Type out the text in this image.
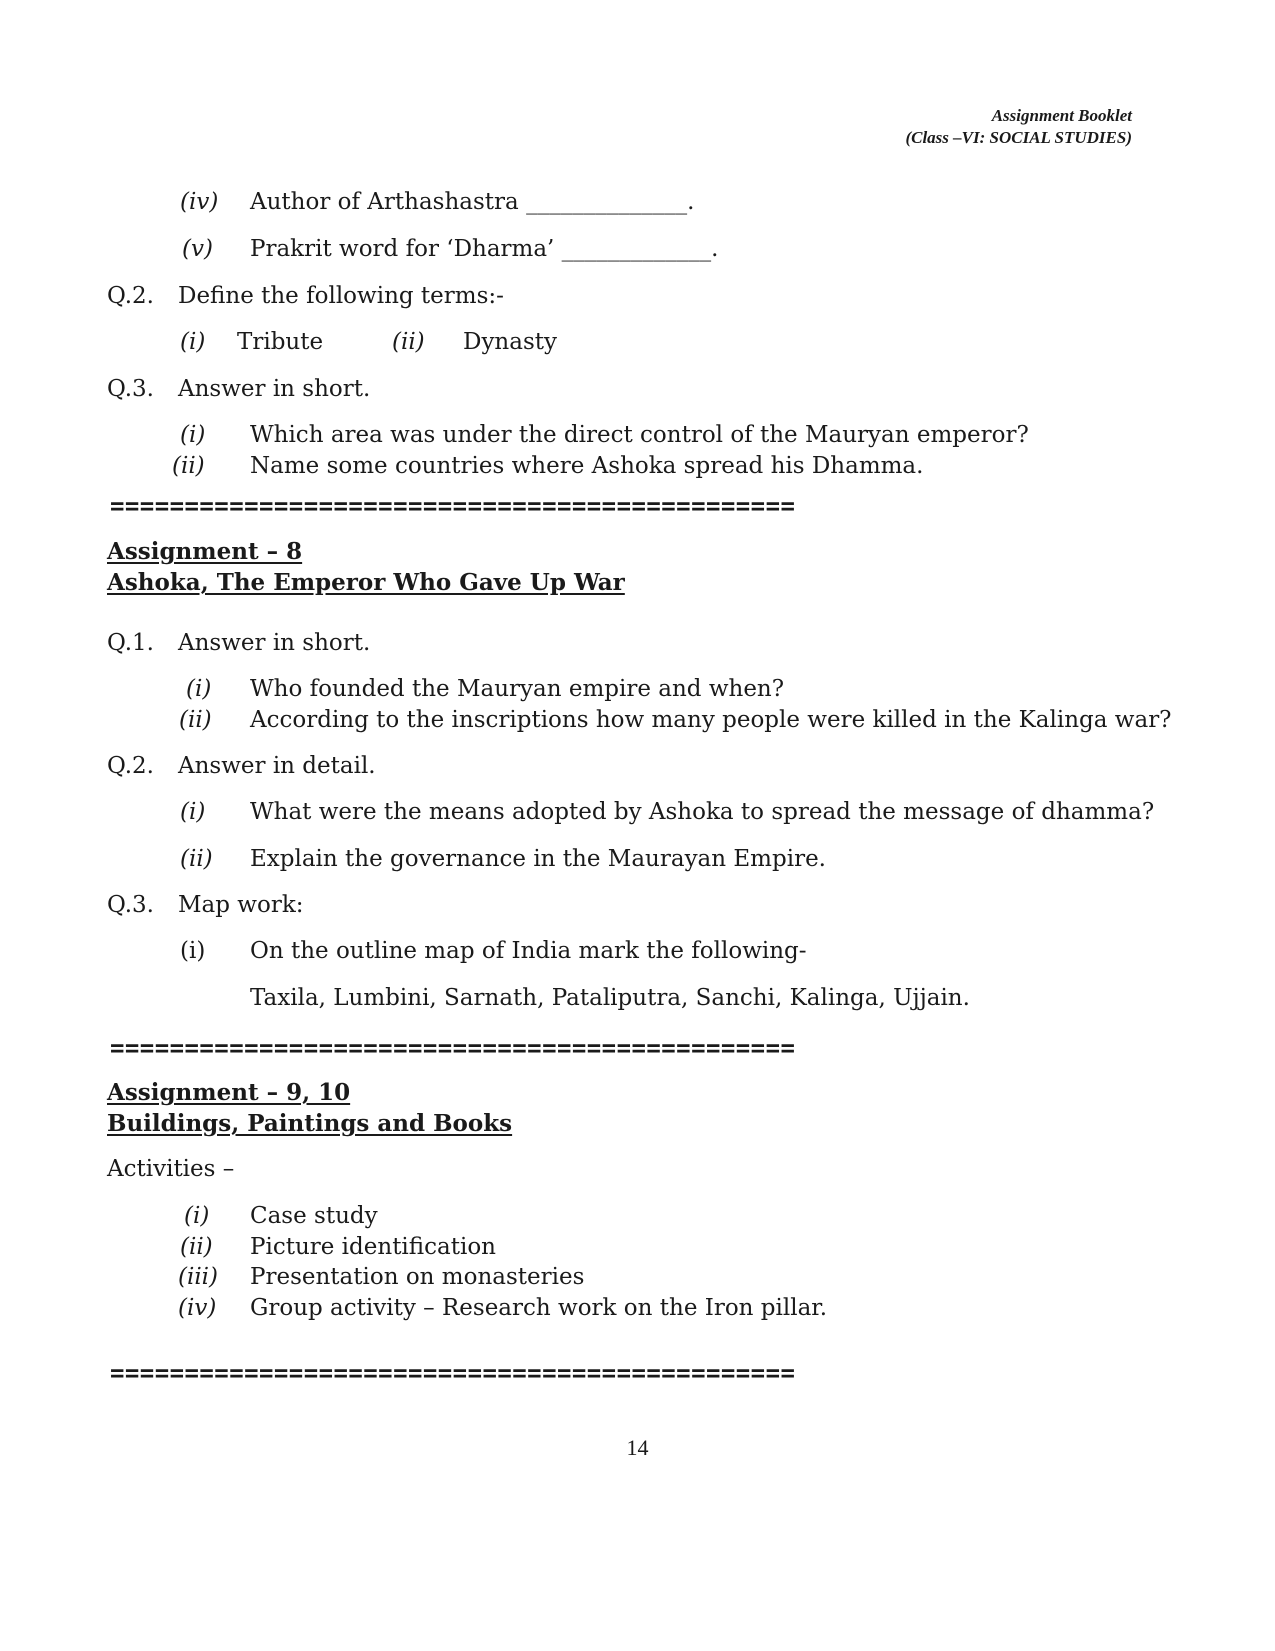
Assignment Booklet
(Class –VI: SOCIAL STUDIES)
(iv) Author of Arthashastra ______________.
(v) Prakrit word for ‘Dharma’ _____________.
Q.2. Define the following terms:-
(i) Tribute	(ii) Dynasty
Q.3. Answer in short.
(i) Which area was under the direct control of the Mauryan emperor?
(ii) Name some countries where Ashoka spread his Dhamma.
==============================================
Assignment – 8
Ashoka, The Emperor Who Gave Up War
Q.1. Answer in short.
(i) Who founded the Mauryan empire and when?
(ii) According to the inscriptions how many people were killed in the Kalinga war?
Q.2. Answer in detail.
(i) What were the means adopted by Ashoka to spread the message of dhamma?
(ii) Explain the governance in the Maurayan Empire.
Q.3. Map work:
(i) On the outline map of India mark the following-
Taxila, Lumbini, Sarnath, Pataliputra, Sanchi, Kalinga, Ujjain.
==============================================
Assignment – 9, 10
Buildings, Paintings and Books
Activities –
(i) Case study
(ii) Picture identification
(iii) Presentation on monasteries
(iv) Group activity – Research work on the Iron pillar.
==============================================
14
